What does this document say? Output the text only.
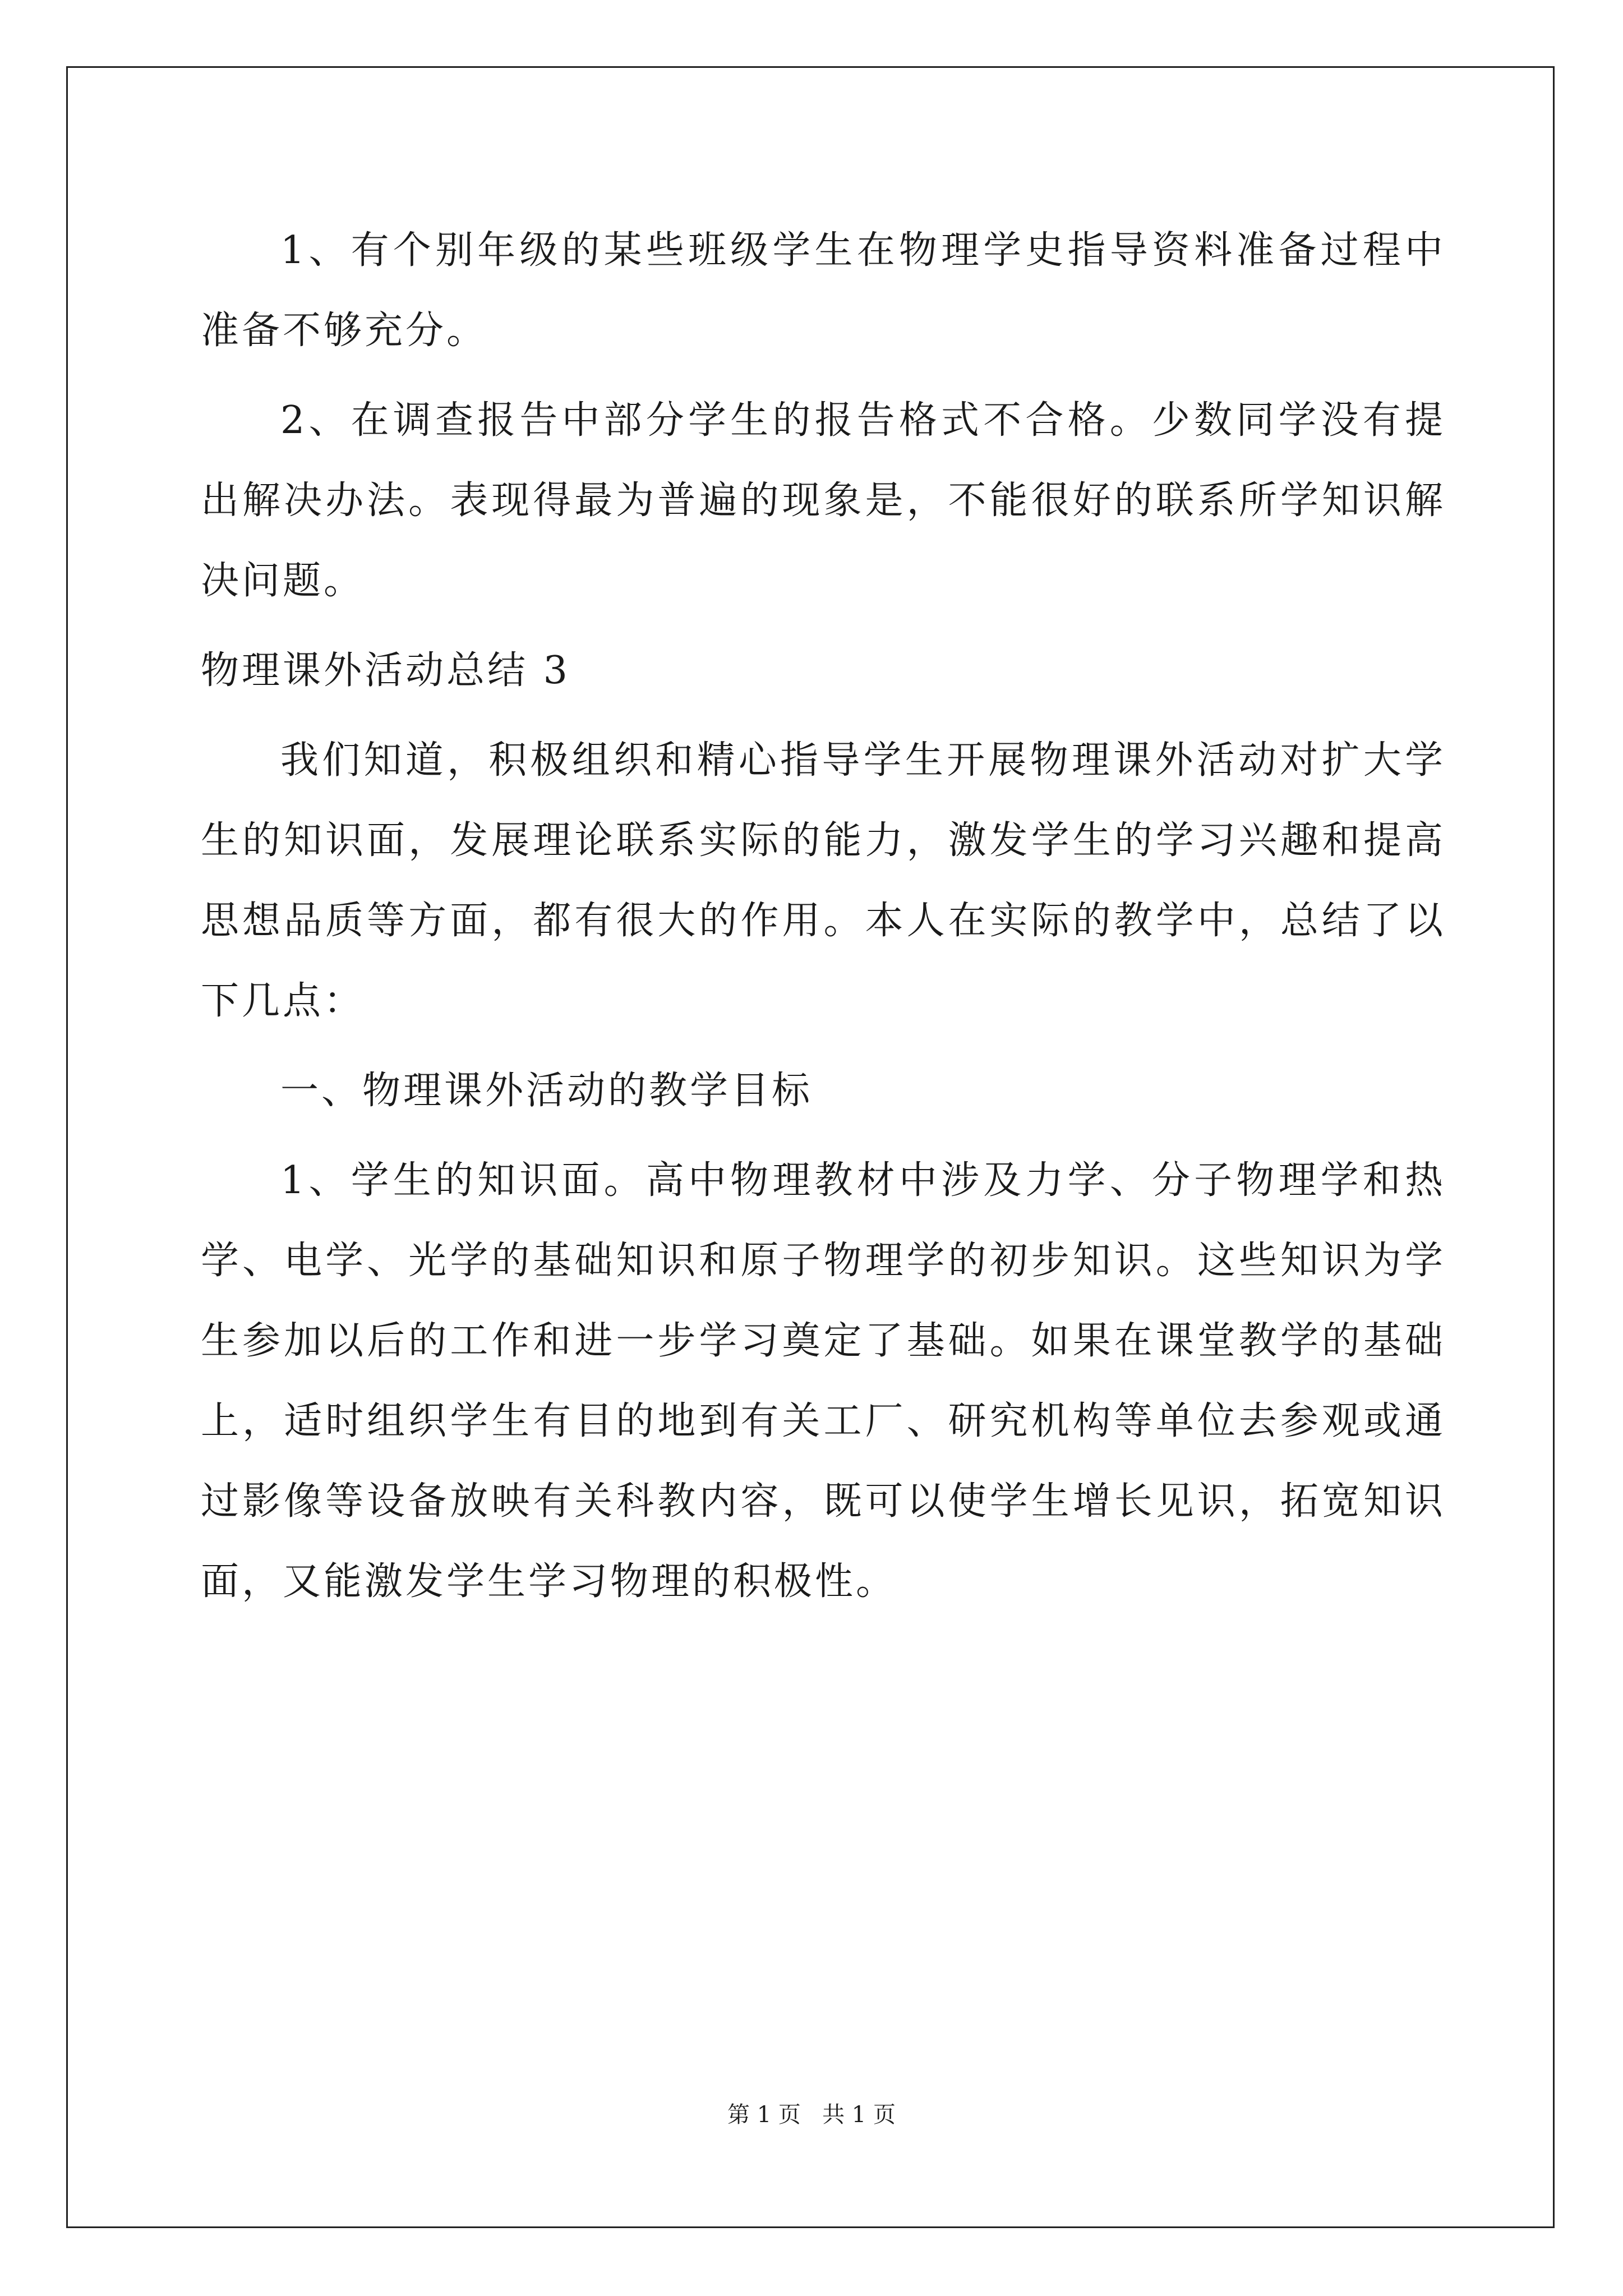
1、有个别年级的某些班级学生在物理学史指导资料准备过程中准备不够充分。

2、在调查报告中部分学生的报告格式不合格。少数同学没有提出解决办法。表现得最为普遍的现象是，不能很好的联系所学知识解决问题。

物理课外活动总结 3

我们知道，积极组织和精心指导学生开展物理课外活动对扩大学生的知识面，发展理论联系实际的能力，激发学生的学习兴趣和提高思想品质等方面，都有很大的作用。本人在实际的教学中，总结了以下几点：

一、物理课外活动的教学目标

1、学生的知识面。高中物理教材中涉及力学、分子物理学和热学、电学、光学的基础知识和原子物理学的初步知识。这些知识为学生参加以后的工作和进一步学习奠定了基础。如果在课堂教学的基础上，适时组织学生有目的地到有关工厂、研究机构等单位去参观或通过影像等设备放映有关科教内容，既可以使学生增长见识，拓宽知识面，又能激发学生学习物理的积极性。

第 1 页   共 1 页
